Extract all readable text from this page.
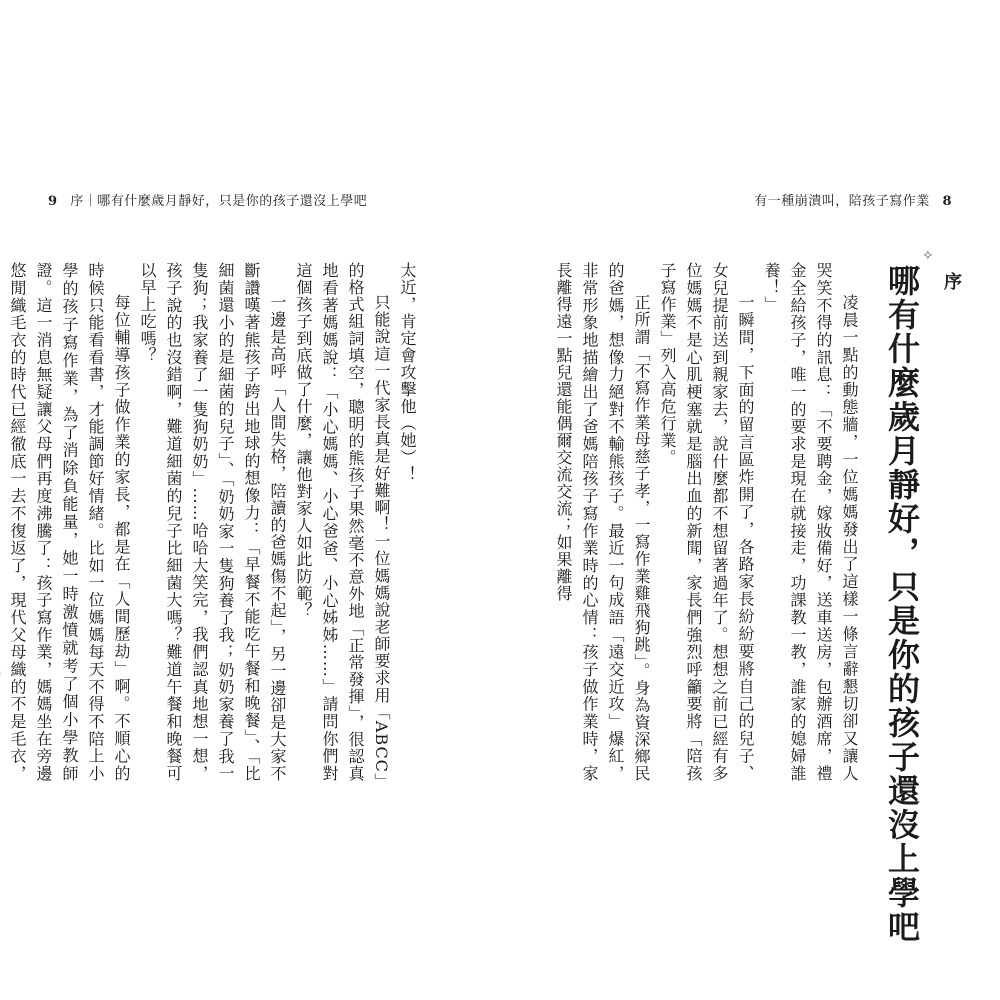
9 序｜哪有什麼歲月靜好，只是你的孩子還沒上學吧	有一種崩潰叫，陪孩子寫作業 8
✧
序
哪有什麼歲月靜好，只是你的孩子還沒上學吧

凌晨一點的動態牆，一位媽媽發出了這樣一條言辭懇切卻又讓人哭笑不得的訊息：「不要聘金，嫁妝備好，送車送房，包辦酒席，禮金全給孩子，唯一的要求是現在就接走，功課教一教，誰家的媳婦誰養！」

一瞬間，下面的留言區炸開了，各路家長紛紛要將自己的兒子、女兒提前送到親家去，說什麼都不想留著過年了。想想之前已經有多位媽媽不是心肌梗塞就是腦出血的新聞，家長們強烈呼籲要將「陪孩子寫作業」列入高危行業。

正所謂「不寫作業母慈子孝，一寫作業雞飛狗跳」。身為資深鄉民的爸媽，想像力絕對不輸熊孩子。最近一句成語「遠交近攻」爆紅，非常形象地描繪出了爸媽陪孩子寫作業時的心情：孩子做作業時，家長離得遠一點兒還能偶爾交流交流；如果離得

太近，肯定會攻擊他（她）！

只能說這一代家長真是好難啊！一位媽媽說老師要求用「ABCC」的格式組詞填空，聰明的熊孩子果然毫不意外地「正常發揮」，很認真地看著媽媽說：「小心媽媽、小心爸爸、小心姊姊……」請問你們對這個孩子到底做了什麼，讓他對家人如此防範？

一邊是高呼「人間失格，陪讀的爸媽傷不起」，另一邊卻是大家不斷讚嘆著熊孩子跨出地球的想像力：「早餐不能吃午餐和晚餐」、「比細菌還小的是細菌的兒子」、「奶奶家一隻狗養了我；奶奶家養了我一隻狗；我家養了一隻狗奶奶」……哈哈大笑完，我們認真地想一想，孩子說的也沒錯啊，難道細菌的兒子比細菌大嗎？難道午餐和晚餐可以早上吃嗎？

每位輔導孩子做作業的家長，都是在「人間歷劫」啊。不順心的時候只能看看書，才能調節好情緒。比如一位媽媽每天不得不陪上小學的孩子寫作業，為了消除負能量，她一時激憤就考了個小學教師證。這一消息無疑讓父母們再度沸騰了：孩子寫作業，媽媽坐在旁邊悠閒織毛衣的時代已經徹底一去不復返了，現代父母織的不是毛衣，
